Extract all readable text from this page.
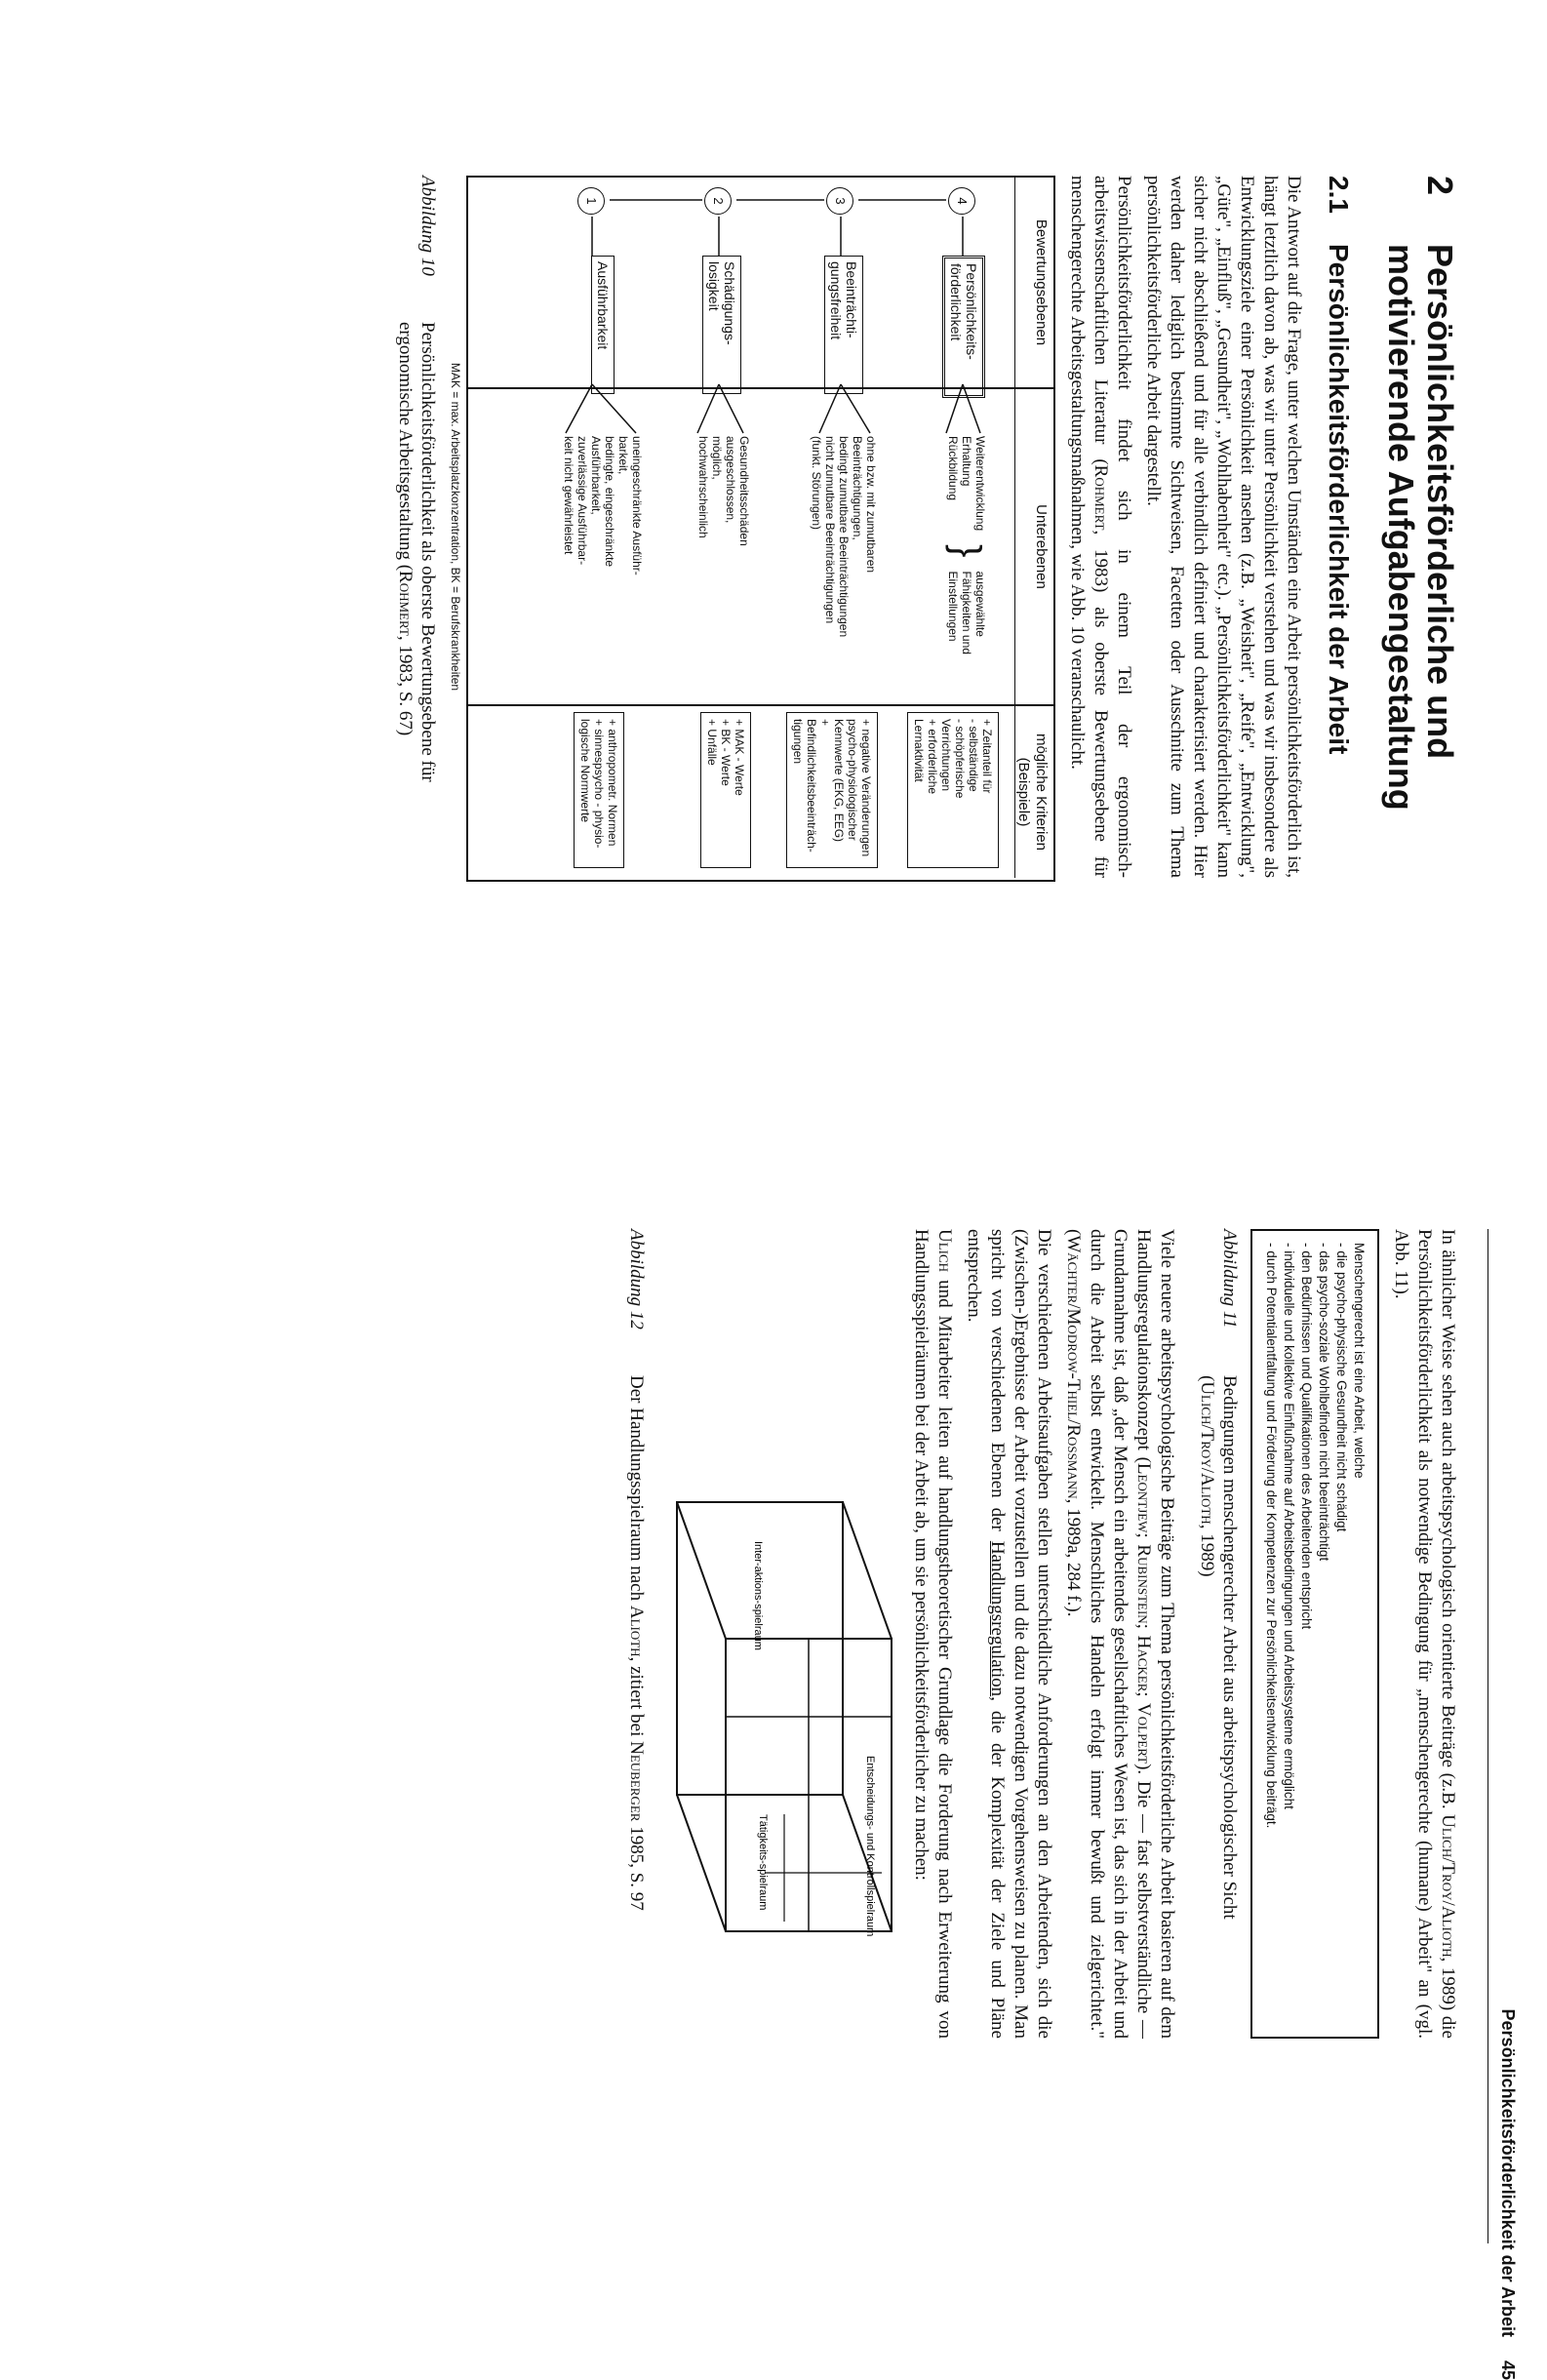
Persönlichkeitsförderlichkeit der Arbeit
45
2
Persönlichkeitsförderliche und motivierende Aufgabengestaltung
2.1
Persönlichkeitsförderlichkeit der Arbeit

Die Antwort auf die Frage, unter welchen Umständen eine Arbeit persönlichkeitsförderlich ist, hängt letztlich davon ab, was wir unter Persönlichkeit verstehen und was wir insbesondere als Entwicklungsziele einer Persönlichkeit ansehen (z.B. „Weisheit", „Reife", „Entwicklung", „Güte", „Einfluß", „Gesundheit", „Wohlhabenheit" etc.). „Persönlichkeitsförderlichkeit" kann sicher nicht abschließend und für alle verbindlich definiert und charakterisiert werden. Hier werden daher lediglich bestimmte Sichtweisen, Facetten oder Ausschnitte zum Thema persönlichkeitsförderliche Arbeit dargestellt.

Persönlichkeitsförderlichkeit findet sich in einem Teil der ergonomisch-arbeitswissenschaftlichen Literatur (Rohmert, 1983) als oberste Bewertungsebene für menschengerechte Arbeitsgestaltungsmaßnahmen, wie Abb. 10 veranschaulicht.

Bewertungsebenen
Unterebenen
mögliche Kriterien (Beispiele)
4
Persönlichkeits-förderlichkeit
Weiterentwicklung
Erhaltung
Rückbildung
}
ausgewählte Fähigkeiten und Einstellungen
+ Zeitanteil für
- selbständige
- schöpferische
Verrichtungen
+ erforderliche
Lernaktivität
3
Beeinträchti-gungsfreiheit
ohne bzw. mit zumutbaren
Beeinträchtigungen,
bedingt zumutbare Beeinträchtigungen
nicht zumutbare Beeinträchtigungen
(funkt. Störungen)
+ negative Veränderungen
psycho-physiologischer
Kennwerte (EKG, EEG)
+ Befindlichkeitsbeeinträch-
tigungen
2
Schädigungs-losigkeit
Gesundheitsschäden
ausgeschlossen,
möglich,
hochwahrscheinlich
+ MAK - Werte
+ BK - Werte
+ Unfälle
1
Ausführbarkeit
uneingeschränkte Ausführ-
barkeit,
bedingte, eingeschränkte
Ausführbarkeit,
zuverlässige Ausführbar-
keit nicht gewährleistet
+ anthropometr. Normen
+ sinnespsycho - physio-
logische Normwerte
MAK = max. Arbeitsplatzkonzentration, BK = Berufskrankheiten
Abbildung 10
Persönlichkeitsförderlichkeit als oberste Bewertungsebene für ergonomische Arbeitsgestaltung (Rohmert, 1983, S. 67)

In ähnlicher Weise sehen auch arbeitspsychologisch orientierte Beiträge (z.B. Ulich/Troy/Alioth, 1989) die Persönlichkeitsförderlichkeit als notwendige Bedingung für „menschengerechte (humane) Arbeit" an (vgl. Abb. 11).

Menschengerecht ist eine Arbeit, welche
- die psycho-physische Gesundheit nicht schädigt
- das psycho-soziale Wohlbefinden nicht beeinträchtigt
- den Bedürfnissen und Qualifikationen des Arbeitenden entspricht
- individuelle und kollektive Einflußnahme auf Arbeitsbedingungen und Arbeitssysteme ermöglicht
- durch Potentialentfaltung und Förderung der Kompetenzen zur Persönlichkeitsentwicklung beiträgt.
Abbildung 11
Bedingungen menschengerechter Arbeit aus arbeitspsychologischer Sicht (Ulich/Troy/Alioth, 1989)

Viele neuere arbeitspsychologische Beiträge zum Thema persönlichkeitsförderliche Arbeit basieren auf dem Handlungsregulationskonzept (Leontjew; Rubinstein; Hacker; Volpert). Die — fast selbstverständliche — Grundannahme ist, daß „der Mensch ein arbeitendes gesellschaftliches Wesen ist, das sich in der Arbeit und durch die Arbeit selbst entwickelt. Menschliches Handeln erfolgt immer bewußt und zielgerichtet." (Wächter/Modrow-Thiel/Rossmann, 1989a, 284 f.).

Die verschiedenen Arbeitsaufgaben stellen unterschiedliche Anforderungen an den Arbeitenden, sich die (Zwischen-)Ergebnisse der Arbeit vorzustellen und die dazu notwendigen Vorgehensweisen zu planen. Man spricht von verschiedenen Ebenen der Handlungsregulation, die der Komplexität der Ziele und Pläne entsprechen.

Ulich und Mitarbeiter leiten auf handlungstheoretischer Grundlage die Forderung nach Erweiterung von Handlungsspielräumen bei der Arbeit ab, um sie persönlichkeitsförderlicher zu machen:

Entscheidungs- und Kontrollspielraum
Tätigkeits-spielraum
Inter-aktions-spielraum
Abbildung 12
Der Handlungsspielraum nach Alioth, zitiert bei Neuberger 1985, S. 97
